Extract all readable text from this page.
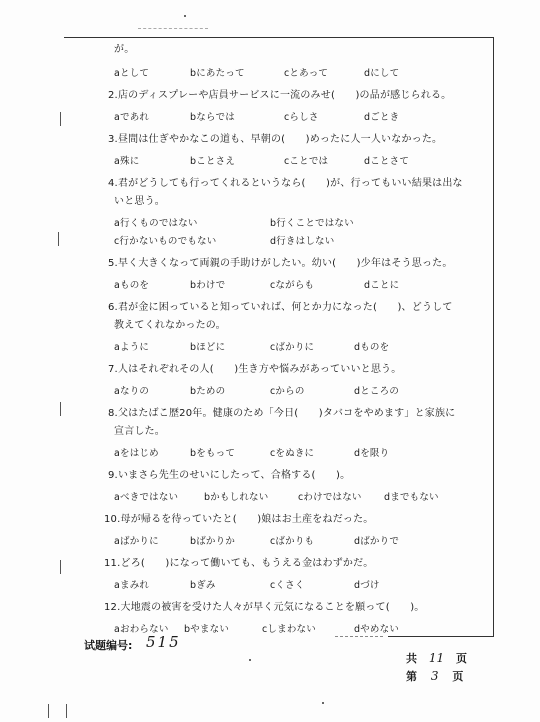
が。
aとして	bにあたって	cとあって	dにして
2.店のディスプレーや店員サービスに一流のみせ(　　)の品が感じられる。
aであれ	bならでは	cらしさ	dごとき
3.昼間は仕ぎやかなこの道も、早朝の(　　)めったに人一人いなかった。
a殊に	bことさえ	cことでは	dことさて
4.君がどうしても行ってくれるというなら(　　)が、行ってもいい結果は出な
いと思う。
a行くものではない	b行くことではない
c行かないものでもない	d行きはしない
5.早く大きくなって両親の手助けがしたい。幼い(　　)少年はそう思った。
aものを	bわけで	cながらも	dことに
6.君が金に困っていると知っていれば、何とか力になった(　　)、どうして
教えてくれなかったの。
aように	bほどに	cばかりに	dものを
7.人はそれぞれその人(　　)生き方や悩みがあっていいと思う。
aなりの	bための	cからの	dところの
8.父はたばこ歴20年。健康のため「今日(　　)タバコをやめます」と家族に
宣言した。
aをはじめ	bをもって	cをぬきに	dを限り
9.いまさら先生のせいにしたって、合格する(　　)。
aべきではない	bかもしれない	cわけではない dまでもない
10.母が帰るを待っていたと(　　)娘はお土産をねだった。
aばかりに	bばかりか	cばかりも	dばかりで
11.どろ(　　)になって働いても、もうえる金はわずかだ。
aまみれ	bぎみ	cくさく	dづけ
12.大地震の被害を受けた人々が早く元気になることを願って(　　)。
aおわらない bやまない	cしまわない	dやめない
试题编号: 515
共 11 页
第 3 页
